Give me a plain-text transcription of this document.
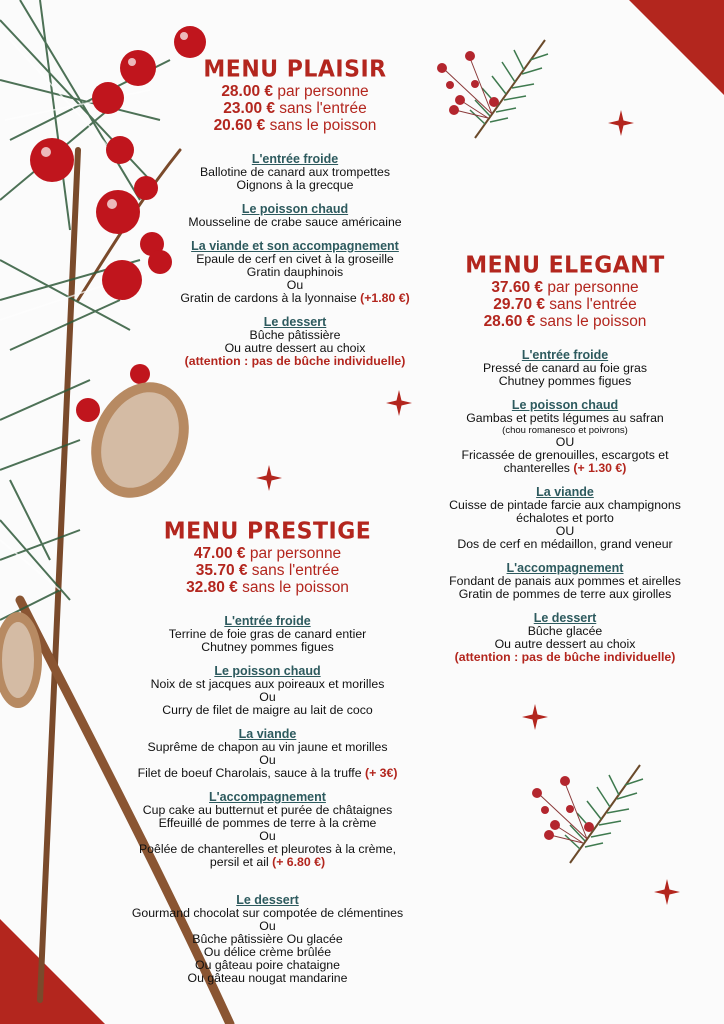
MENU PLAISIR
28.00 € par personne
23.00 € sans l'entrée
20.60 € sans le poisson
L'entrée froide
Ballotine de canard aux trompettes
Oignons à la grecque
Le poisson chaud
Mousseline de crabe sauce américaine
La viande et son accompagnement
Epaule de cerf en civet à la groseille
Gratin dauphinois
Ou
Gratin de cardons à la lyonnaise (+1.80 €)
Le dessert
Bûche pâtissière
Ou autre dessert au choix
(attention : pas de bûche individuelle)
MENU ELEGANT
37.60 € par personne
29.70 € sans l'entrée
28.60 € sans le poisson
L'entrée froide
Pressé de canard au foie gras
Chutney pommes figues
Le poisson chaud
Gambas et petits légumes au safran
(chou romanesco et poivrons)
OU
Fricassée de grenouilles, escargots et
chanterelles (+ 1.30 €)
La viande
Cuisse de pintade farcie aux champignons
échalotes et porto
OU
Dos de cerf en médaillon, grand veneur
L'accompagnement
Fondant de panais aux pommes et airelles
Gratin de pommes de terre aux girolles
Le dessert
Bûche glacée
Ou autre dessert au choix
(attention : pas de bûche individuelle)
MENU PRESTIGE
47.00 € par personne
35.70 € sans l'entrée
32.80 € sans le poisson
L'entrée froide
Terrine de foie gras de canard entier
Chutney pommes figues
Le poisson chaud
Noix de st jacques aux poireaux et morilles
Ou
Curry de filet de maigre au lait de coco
La viande
Suprême de chapon au vin jaune et morilles
Ou
Filet de boeuf Charolais, sauce à la truffe (+ 3€)
L'accompagnement
Cup cake au butternut et purée de châtaignes
Effeuillé de pommes de terre à la crème
Ou
Poêlée de chanterelles et pleurotes à la crème,
persil et ail (+ 6.80 €)
Le dessert
Gourmand chocolat sur compotée de clémentines
Ou
Bûche pâtissière Ou glacée
Ou délice crème brûlée
Ou gâteau poire chataigne
Ou gâteau nougat mandarine
